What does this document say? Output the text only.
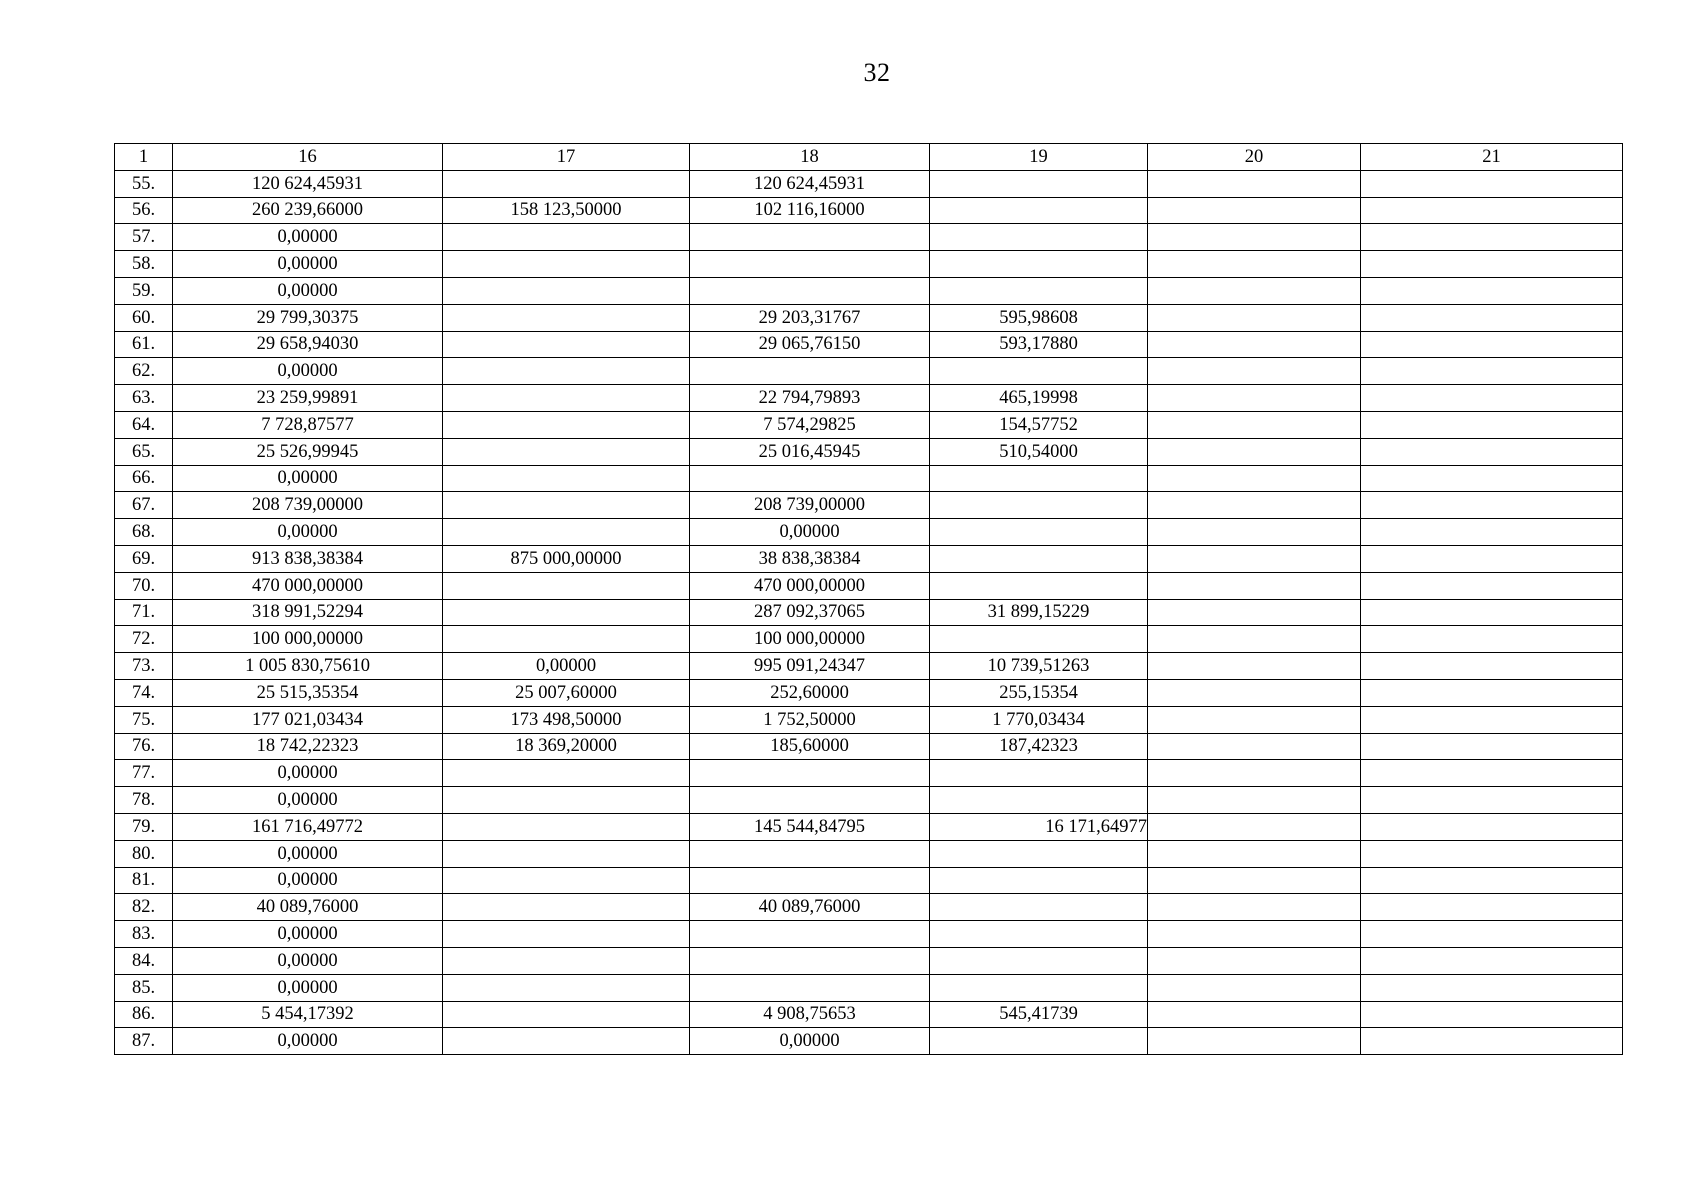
32
1	16	17	18	19	20	21
55.	120 624,45931		120 624,45931			
56.	260 239,66000	158 123,50000	102 116,16000			
57.	0,00000					
58.	0,00000					
59.	0,00000					
60.	29 799,30375		29 203,31767	595,98608		
61.	29 658,94030		29 065,76150	593,17880		
62.	0,00000					
63.	23 259,99891		22 794,79893	465,19998		
64.	7 728,87577		7 574,29825	154,57752		
65.	25 526,99945		25 016,45945	510,54000		
66.	0,00000					
67.	208 739,00000		208 739,00000			
68.	0,00000		0,00000			
69.	913 838,38384	875 000,00000	38 838,38384			
70.	470 000,00000		470 000,00000			
71.	318 991,52294		287 092,37065	31 899,15229		
72.	100 000,00000		100 000,00000			
73.	1 005 830,75610	0,00000	995 091,24347	10 739,51263		
74.	25 515,35354	25 007,60000	252,60000	255,15354		
75.	177 021,03434	173 498,50000	1 752,50000	1 770,03434		
76.	18 742,22323	18 369,20000	185,60000	187,42323		
77.	0,00000					
78.	0,00000					
79.	161 716,49772		145 544,84795	16 171,64977		
80.	0,00000					
81.	0,00000					
82.	40 089,76000		40 089,76000			
83.	0,00000					
84.	0,00000					
85.	0,00000					
86.	5 454,17392		4 908,75653	545,41739		
87.	0,00000		0,00000			
